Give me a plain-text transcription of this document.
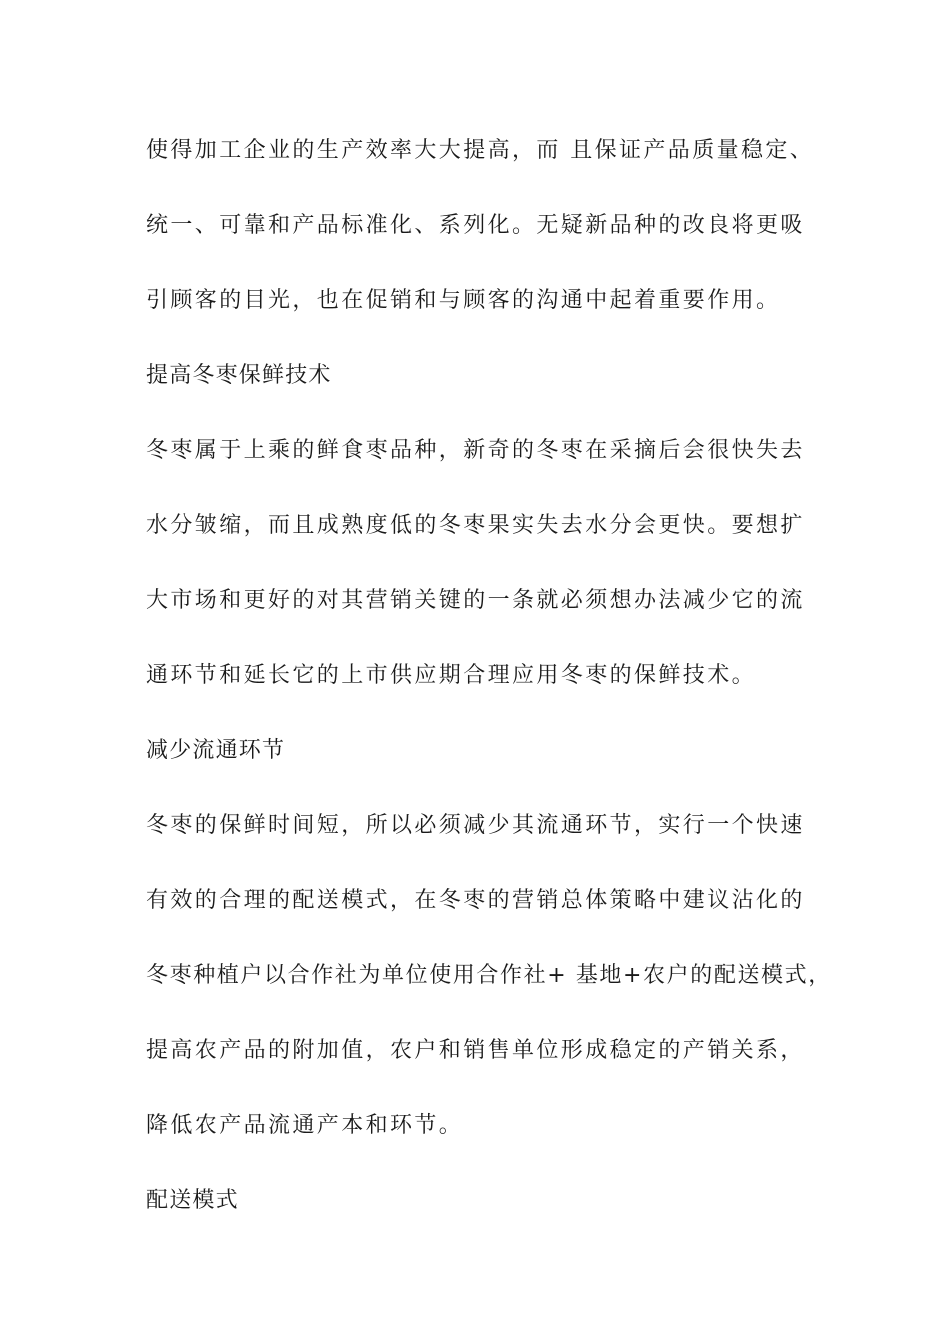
使得加工企业的生产效率大大提高，而 且保证产品质量稳定、
统一、可靠和产品标准化、系列化。无疑新品种的改良将更吸
引顾客的目光，也在促销和与顾客的沟通中起着重要作用。
提高冬枣保鲜技术
冬枣属于上乘的鲜食枣品种，新奇的冬枣在采摘后会很快失去
水分皱缩，而且成熟度低的冬枣果实失去水分会更快。要想扩
大市场和更好的对其营销关键的一条就必须想办法减少它的流
通环节和延长它的上市供应期合理应用冬枣的保鲜技术。
减少流通环节
冬枣的保鲜时间短，所以必须减少其流通环节，实行一个快速
有效的合理的配送模式，在冬枣的营销总体策略中建议沾化的
冬枣种植户以合作社为单位使用合作社+ 基地+农户的配送模式，
提高农产品的附加值，农户和销售单位形成稳定的产销关系，
降低农产品流通产本和环节。
配送模式
